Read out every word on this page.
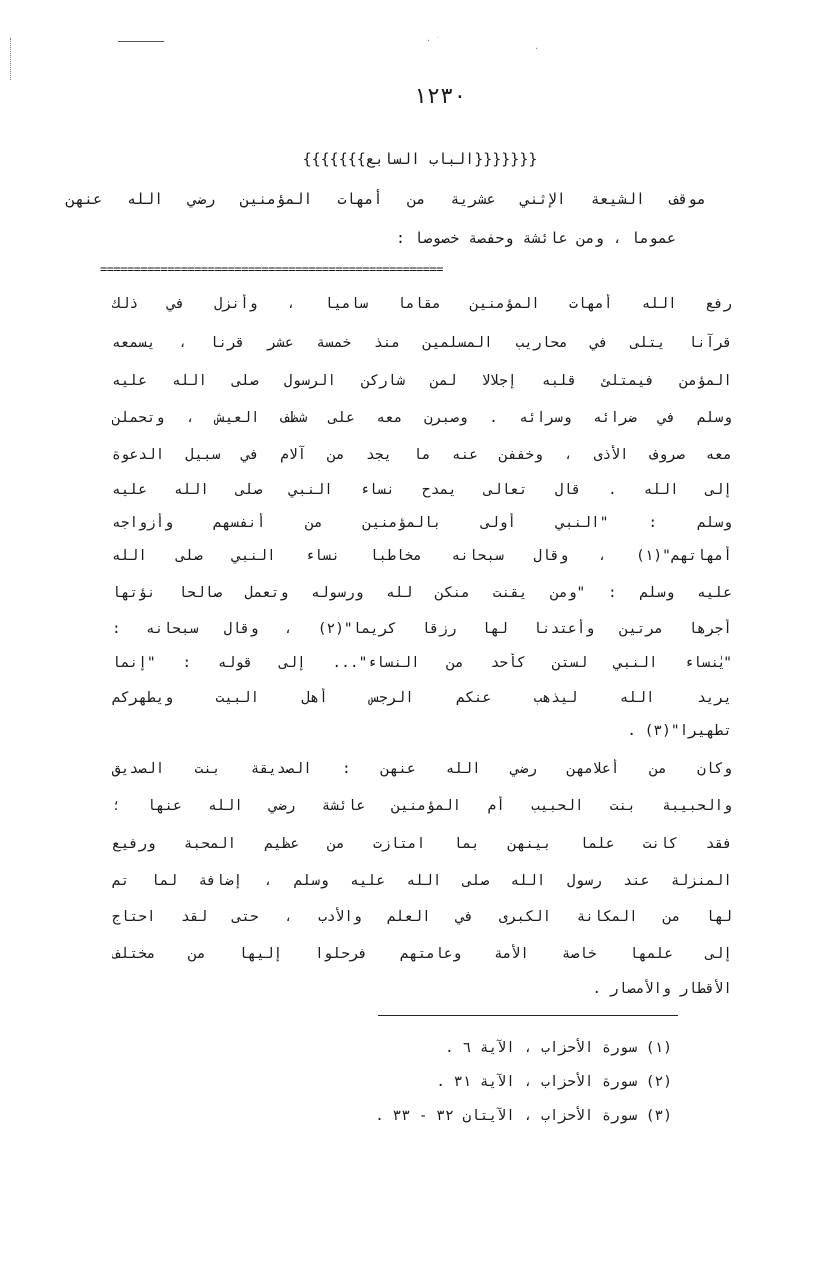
· ˙
·
١٢٣٠
{{{{{{{الباب السابع}}}}}}}
موقف الشيعة الإثني عشرية من أمهات المؤمنين رضي الله عنهن
عموما ، ومن عائشة وحفصة خصوصا :
===================================================
رفع الله أمهات المؤمنين مقاما ساميا ، وأنزل في ذلك
قرآنا يتلى في محاريب المسلمين منذ خمسة عشر قرنا ، يسمعه
المؤمن فيمتلئ قلبه إجلالا لمن شاركن الرسول صلى الله عليه
وسلم في ضرائه وسرائه . وصبرن معه على شظف العيش ، وتحملن
معه صروف الأذى ، وخففن عنه ما يجد من آلام في سبيل الدعوة
إلى الله . قال تعالى يمدح نساء النبي صلى الله عليه
وسلم : "النبي أولى بالمؤمنين من أنفسهم وأزواجه
أمهاتهم"(١) ، وقال سبحانه مخاطبا نساء النبي صلى الله
عليه وسلم : "ومن يقنت منكن لله ورسوله وتعمل صالحا نؤتها
أجرها مرتين وأعتدنا لها رزقا كريما"(٢) ، وقال سبحانه :
"يٰنساء النبي لستن كأحد من النساء"... إلى قوله : "إنما
يريد الله ليذهب عنكم الرجس أهل البيت ويطهركم
تطهيرا"(٣) .
وكان من أعلامهن رضي الله عنهن : الصديقة بنت الصديق
والحبيبة بنت الحبيب أم المؤمنين عائشة رضي الله عنها ؛
فقد كانت علما بينهن بما امتازت من عظيم المحبة ورفيع
المنزلة عند رسول الله صلى الله عليه وسلم ، إضافة لما تم
لها من المكانة الكبرى في العلم والأدب ، حتى لقد احتاج
إلى علمها خاصة الأمة وعامتهم فرحلوا إليها من مختلف
الأقطار والأمصار .
(١) سورة الأحزاب ، الآية ٦ .
(٢) سورة الأحزاب ، الآية ٣١ .
(٣) سورة الأحزاب ، الآيتان ٣٢ - ٣٣ .
